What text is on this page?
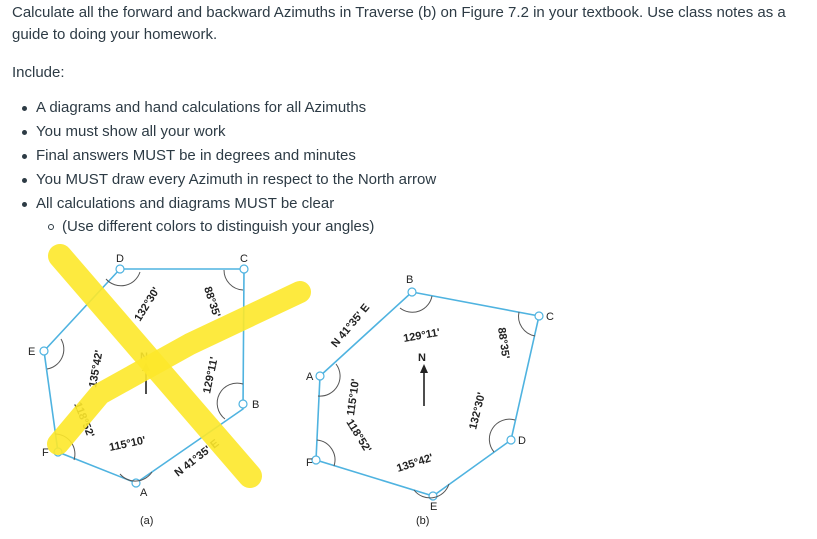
Calculate all the forward and backward Azimuths in Traverse (b) on Figure 7.2 in your textbook. Use class notes as a guide to doing your homework.

Include:

A diagrams and hand calculations for all Azimuths
You must show all your work
Final answers MUST be in degrees and minutes
You MUST draw every Azimuth in respect to the North arrow
All calculations and diagrams MUST be clear
(Use different colors to distinguish your angles)
N
D	C
E
B
F
A
132°30'	88°35'
135°42'	129°11'
118°52'
115°10' N 41°35' E
(a)
N
B
C
A
D
F
E
129°11'	88°35'
115°10'	132°30'
118°52'
135°42'
N 41°35' E
(b)
